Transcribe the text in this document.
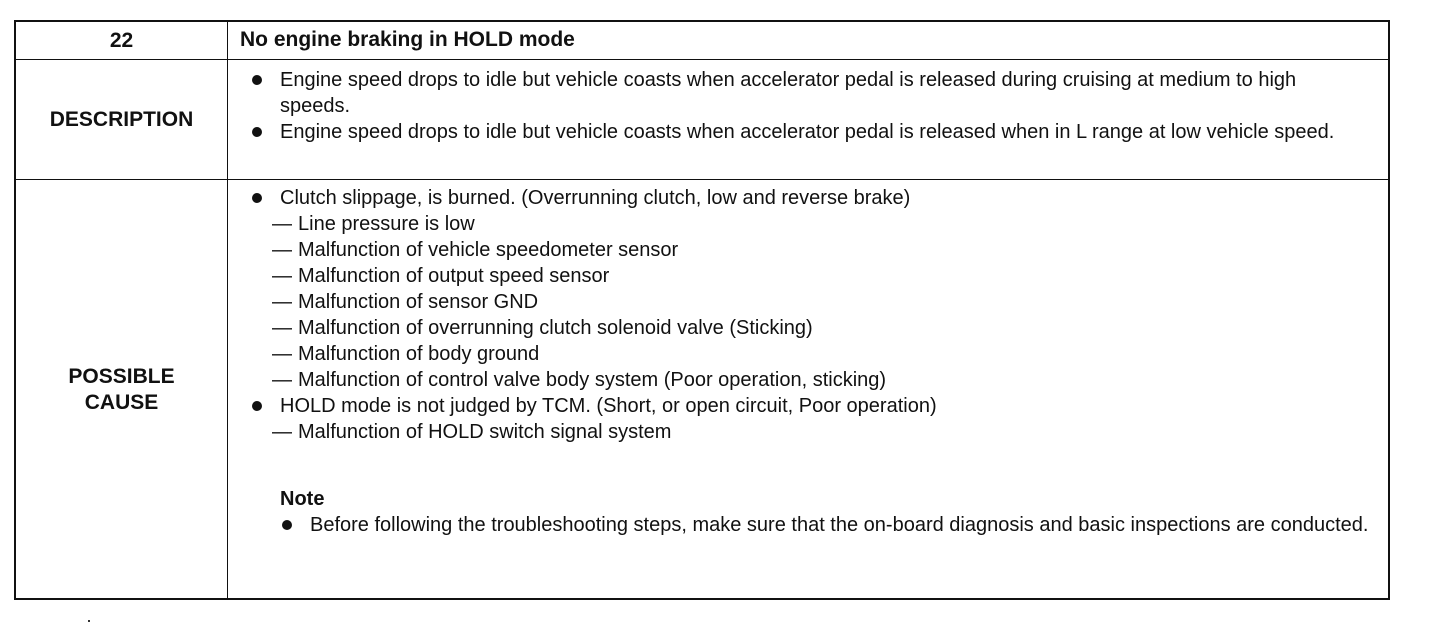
22	No engine braking in HOLD mode
DESCRIPTION
Engine speed drops to idle but vehicle coasts when accelerator pedal is released during cruising at medium to high speeds.
Engine speed drops to idle but vehicle coasts when accelerator pedal is released when in L range at low vehicle speed.
POSSIBLE
CAUSE
Clutch slippage, is burned. (Overrunning clutch, low and reverse brake)
— Line pressure is low
— Malfunction of vehicle speedometer sensor
— Malfunction of output speed sensor
— Malfunction of sensor GND
— Malfunction of overrunning clutch solenoid valve (Sticking)
— Malfunction of body ground
— Malfunction of control valve body system (Poor operation, sticking)
HOLD mode is not judged by TCM. (Short, or open circuit, Poor operation)
— Malfunction of HOLD switch signal system
Note
Before following the troubleshooting steps, make sure that the on-board diagnosis and basic inspections are conducted.
